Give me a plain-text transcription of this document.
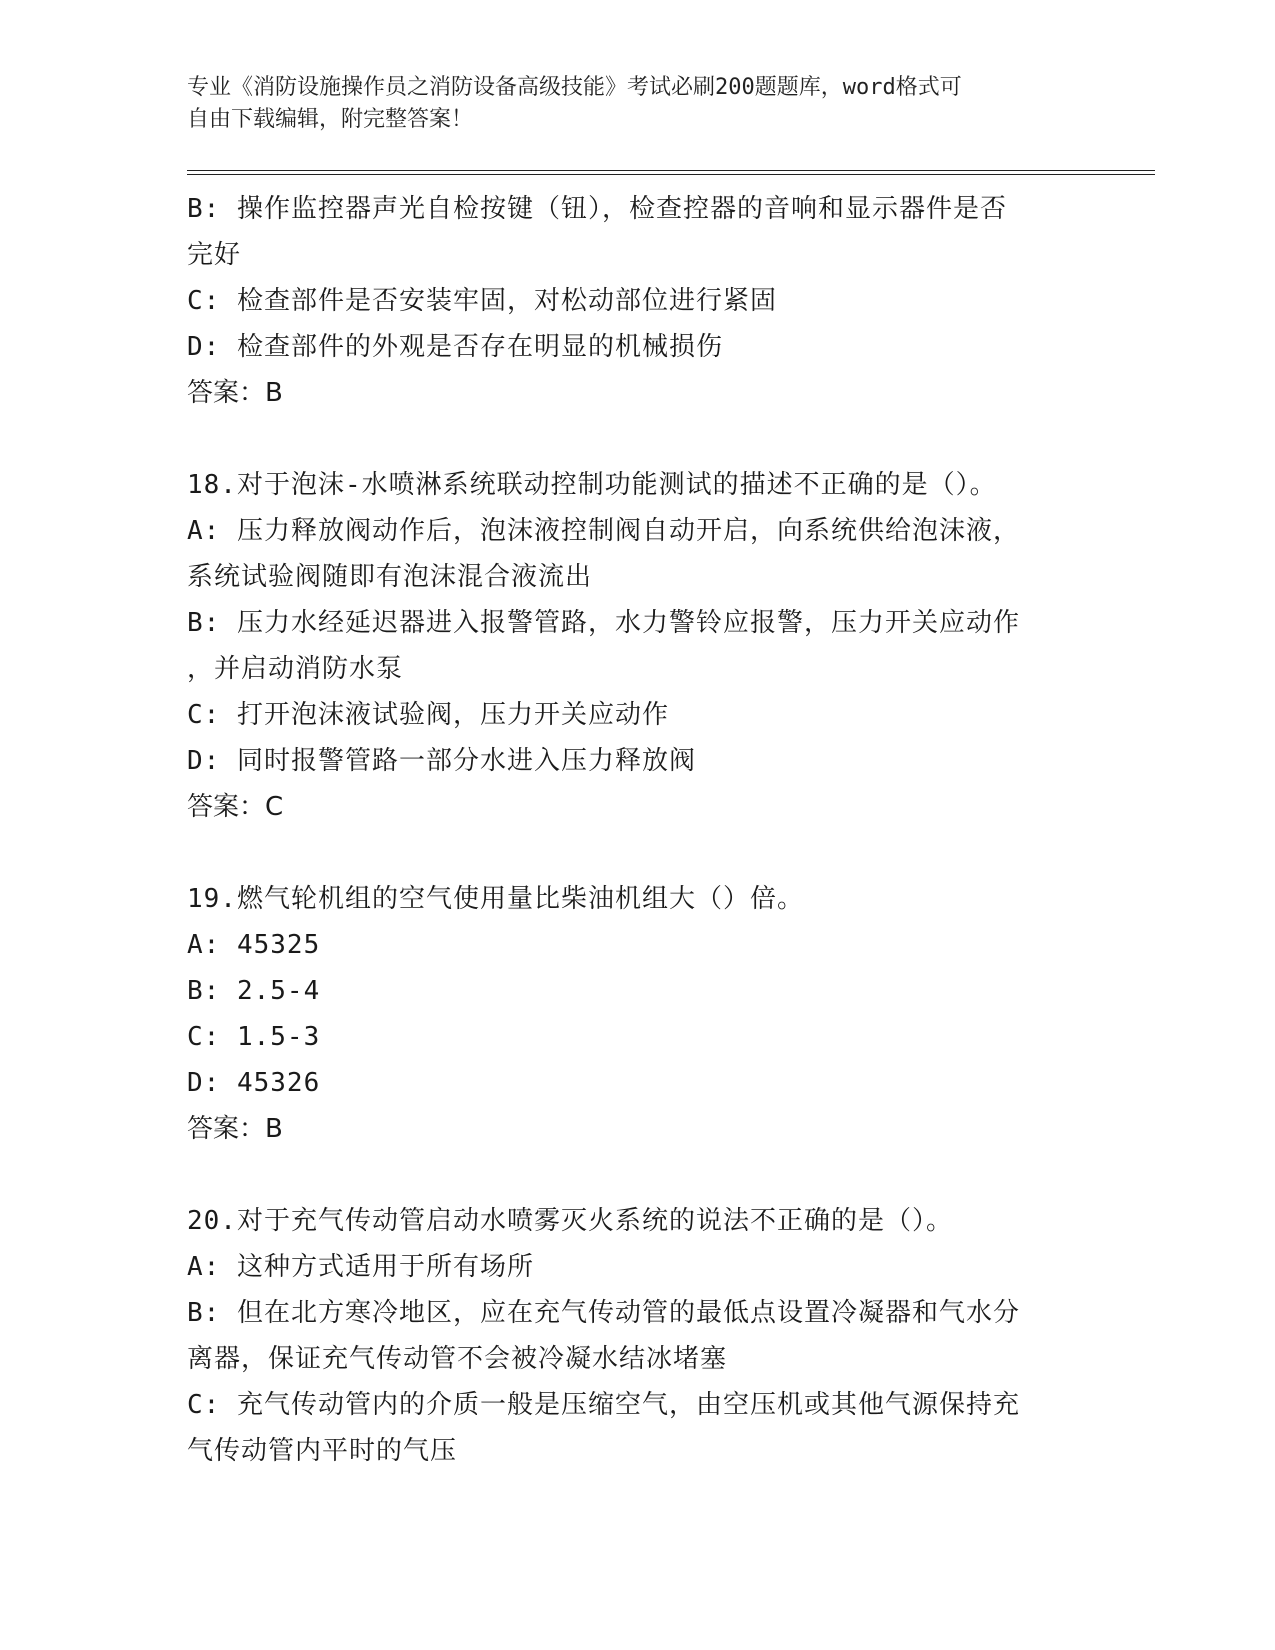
专业《消防设施操作员之消防设备高级技能》考试必刷200题题库，word格式可
自由下载编辑，附完整答案！
B: 操作监控器声光自检按键（钮），检查控器的音响和显示器件是否
完好
C: 检查部件是否安装牢固，对松动部位进行紧固
D: 检查部件的外观是否存在明显的机械损伤
答案：B
18.对于泡沫-水喷淋系统联动控制功能测试的描述不正确的是（）。
A: 压力释放阀动作后，泡沫液控制阀自动开启，向系统供给泡沫液，
系统试验阀随即有泡沫混合液流出
B: 压力水经延迟器进入报警管路，水力警铃应报警，压力开关应动作
，并启动消防水泵
C: 打开泡沫液试验阀，压力开关应动作
D: 同时报警管路一部分水进入压力释放阀
答案：C
19.燃气轮机组的空气使用量比柴油机组大（）倍。
A: 45325
B: 2.5-4
C: 1.5-3
D: 45326
答案：B
20.对于充气传动管启动水喷雾灭火系统的说法不正确的是（）。
A: 这种方式适用于所有场所
B: 但在北方寒冷地区，应在充气传动管的最低点设置冷凝器和气水分
离器，保证充气传动管不会被冷凝水结冰堵塞
C: 充气传动管内的介质一般是压缩空气，由空压机或其他气源保持充
气传动管内平时的气压
